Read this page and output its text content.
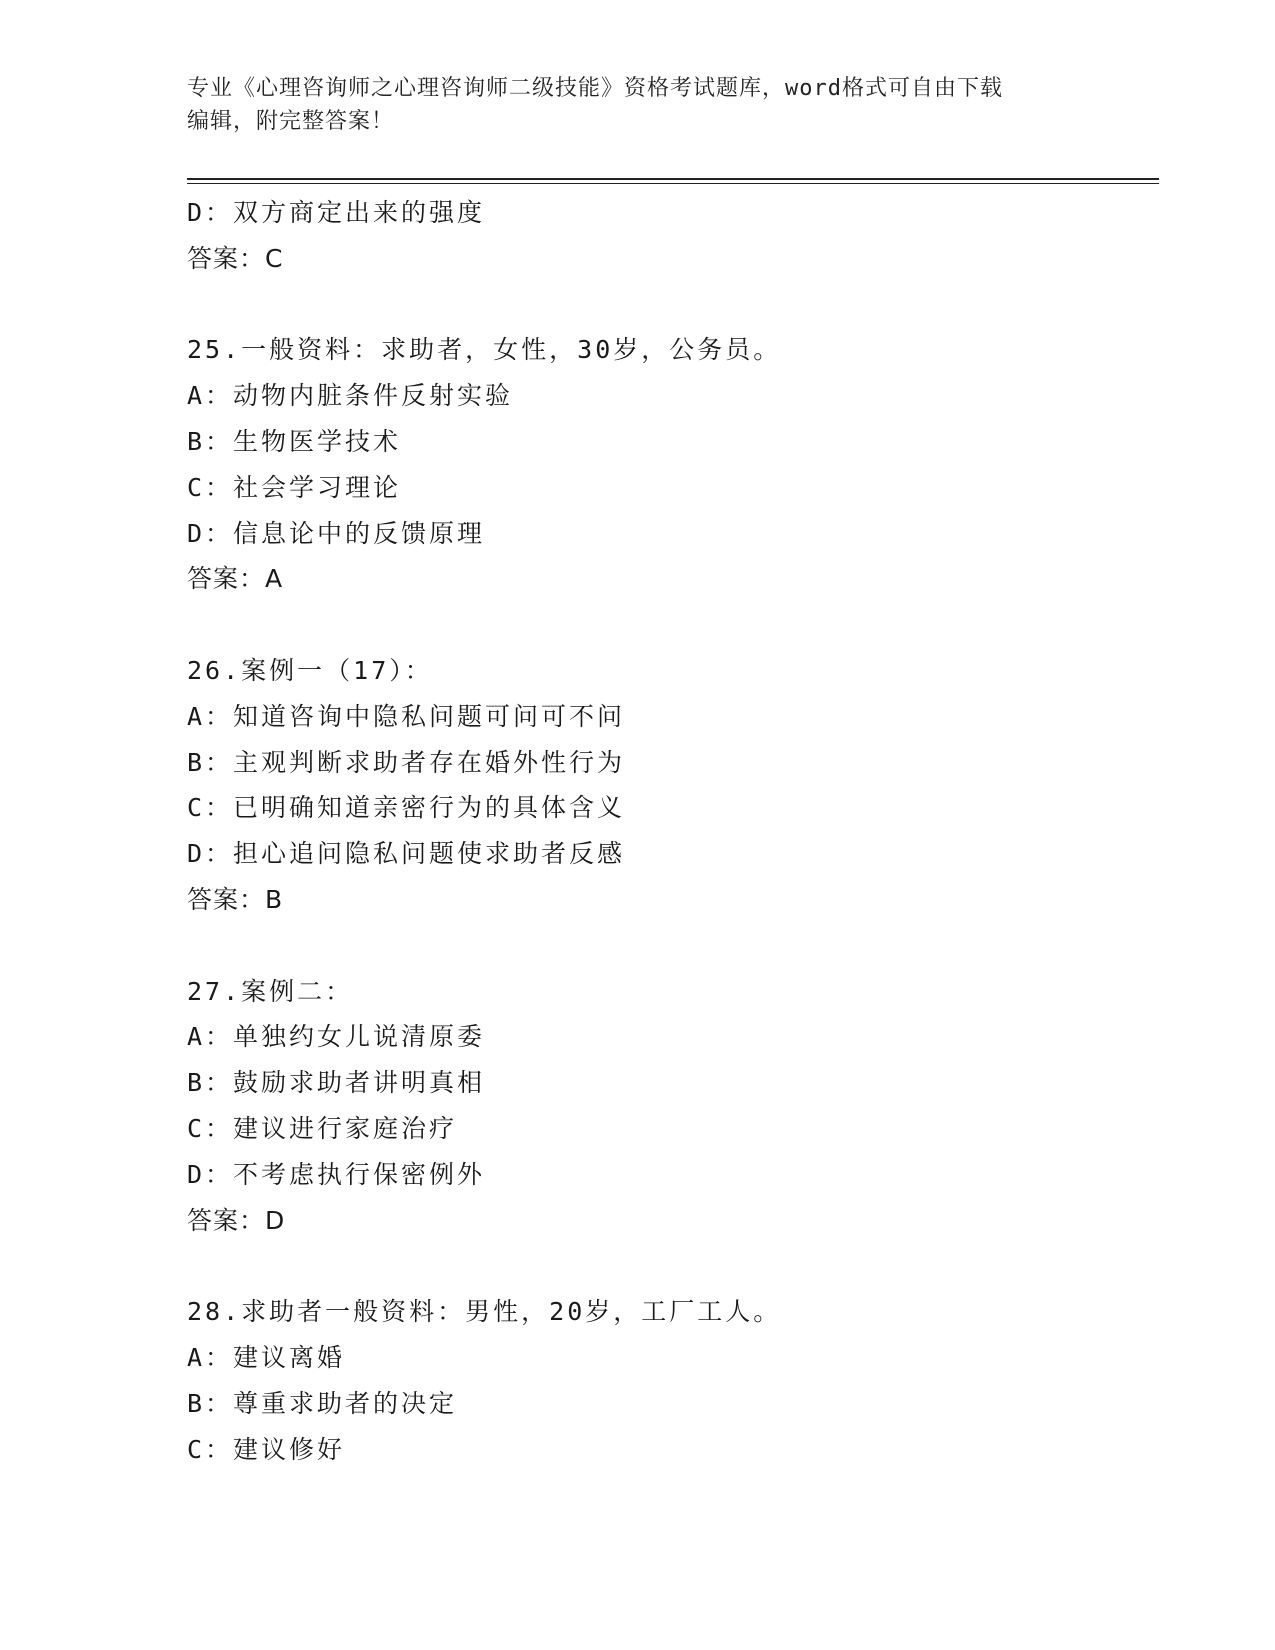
专业《心理咨询师之心理咨询师二级技能》资格考试题库，word格式可自由下载
编辑，附完整答案！
D：双方商定出来的强度
答案：C
25.一般资料：求助者，女性，30岁，公务员。
A：动物内脏条件反射实验
B：生物医学技术
C：社会学习理论
D：信息论中的反馈原理
答案：A
26.案例一（17）：
A：知道咨询中隐私问题可问可不问
B：主观判断求助者存在婚外性行为
C：已明确知道亲密行为的具体含义
D：担心追问隐私问题使求助者反感
答案：B
27.案例二：
A：单独约女儿说清原委
B：鼓励求助者讲明真相
C：建议进行家庭治疗
D：不考虑执行保密例外
答案：D
28.求助者一般资料：男性，20岁，工厂工人。
A：建议离婚
B：尊重求助者的决定
C：建议修好
